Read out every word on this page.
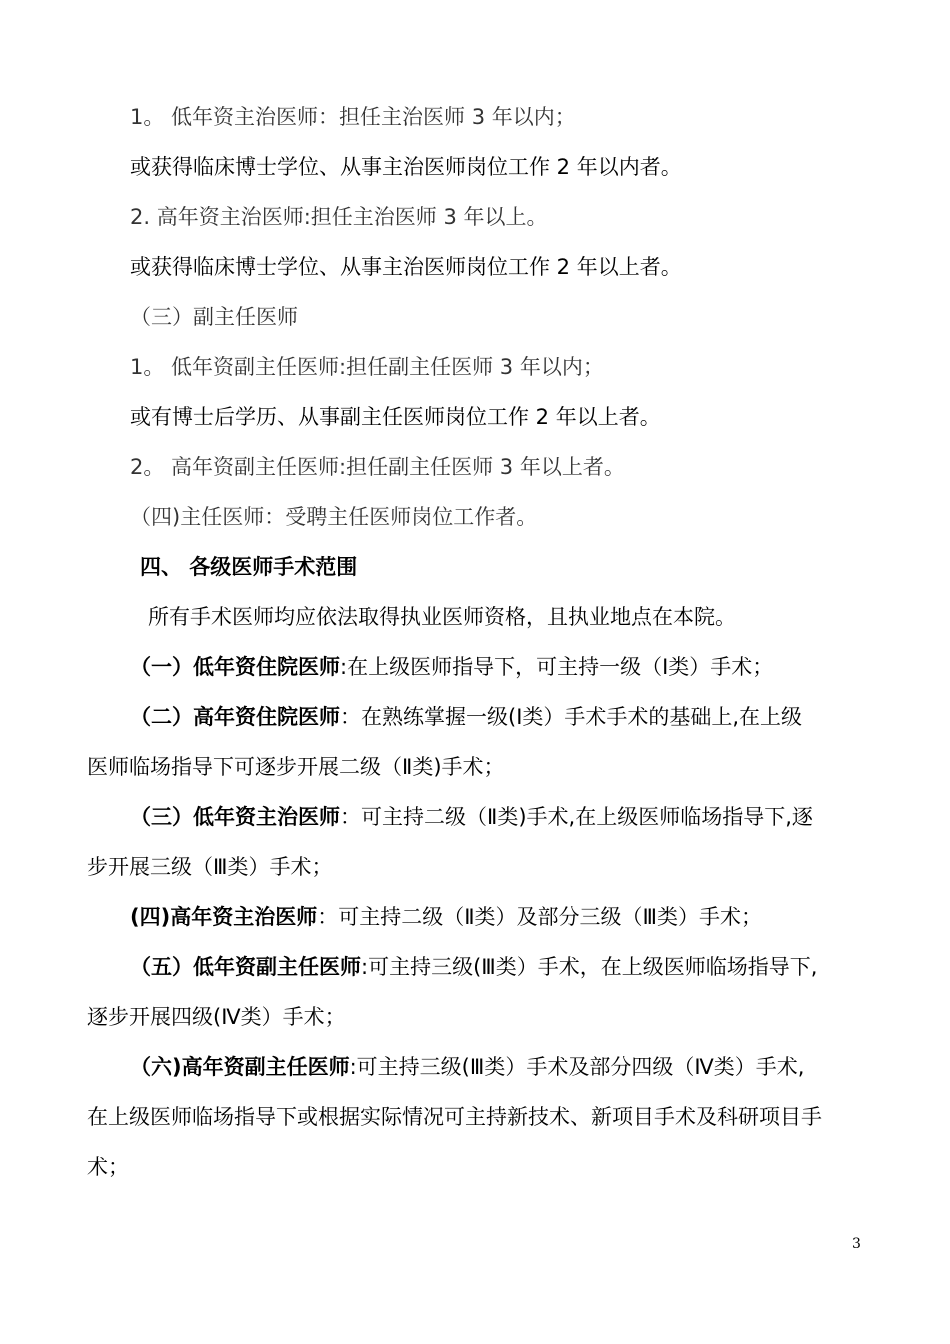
1。 低年资主治医师：担任主治医师 3 年以内；
或获得临床博士学位、从事主治医师岗位工作 2 年以内者。
2. 高年资主治医师:担任主治医师 3 年以上。
或获得临床博士学位、从事主治医师岗位工作 2 年以上者。
（三）副主任医师
1。 低年资副主任医师:担任副主任医师 3 年以内；
或有博士后学历、从事副主任医师岗位工作 2 年以上者。
2。 高年资副主任医师:担任副主任医师 3 年以上者。
（四)主任医师：受聘主任医师岗位工作者。
四、 各级医师手术范围
所有手术医师均应依法取得执业医师资格，且执业地点在本院。
（一）低年资住院医师:在上级医师指导下，可主持一级（Ⅰ类）手术；
（二）高年资住院医师：在熟练掌握一级(Ⅰ类）手术手术的基础上,在上级
医师临场指导下可逐步开展二级（Ⅱ类)手术；
（三）低年资主治医师：可主持二级（Ⅱ类)手术,在上级医师临场指导下,逐
步开展三级（Ⅲ类）手术；
(四)高年资主治医师：可主持二级（Ⅱ类）及部分三级（Ⅲ类）手术；
（五）低年资副主任医师:可主持三级(Ⅲ类）手术，在上级医师临场指导下,
逐步开展四级(Ⅳ类）手术；
（六)高年资副主任医师:可主持三级(Ⅲ类）手术及部分四级（Ⅳ类）手术,
在上级医师临场指导下或根据实际情况可主持新技术、新项目手术及科研项目手
术；
3
